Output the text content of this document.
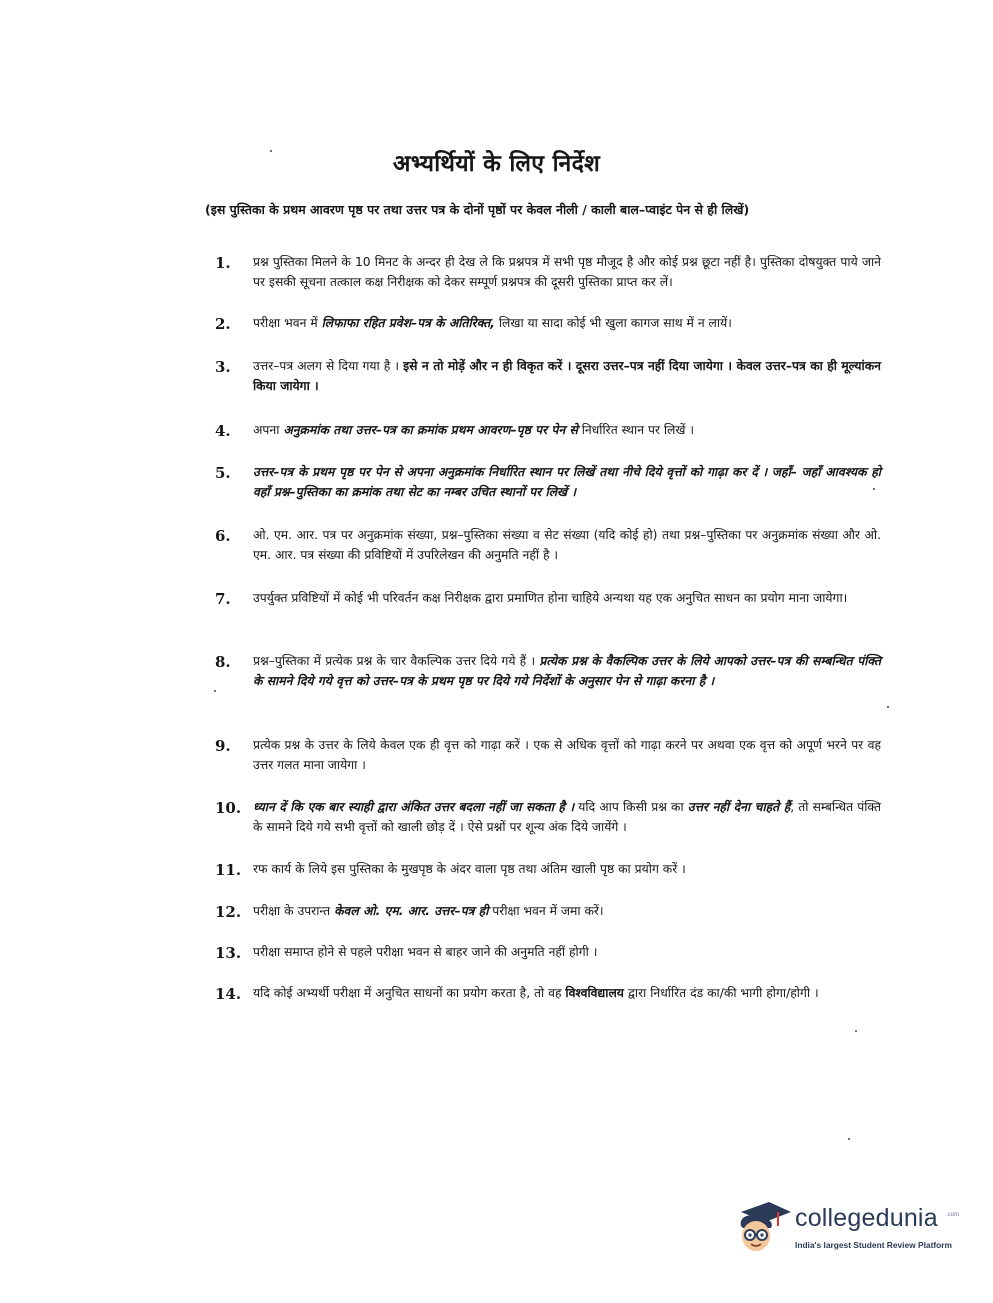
अभ्यर्थियों के लिए निर्देश
(इस पुस्तिका के प्रथम आवरण पृष्ठ पर तथा उत्तर पत्र के दोनों पृष्ठों पर केवल नीली / काली बाल–प्वाइंट पेन से ही लिखें)
1. प्रश्न पुस्तिका मिलने के 10 मिनट के अन्दर ही देख ले कि प्रश्नपत्र में सभी पृष्ठ मौजूद है और कोई प्रश्न छूटा नहीं है। पुस्तिका दोषयुक्त पाये जाने पर इसकी सूचना तत्काल कक्ष निरीक्षक को देकर सम्पूर्ण प्रश्नपत्र की दूसरी पुस्तिका प्राप्त कर लें।
2. परीक्षा भवन में लिफाफा रहित प्रवेश–पत्र के अतिरिक्त, लिखा या सादा कोई भी खुला कागज साथ में न लायें।
3. उत्तर–पत्र अलग से दिया गया है । इसे न तो मोड़ें और न ही विकृत करें । दूसरा उत्तर–पत्र नहीं दिया जायेगा । केवल उत्तर–पत्र का ही मूल्यांकन किया जायेगा ।
4. अपना अनुक्रमांक तथा उत्तर–पत्र का क्रमांक प्रथम आवरण–पृष्ठ पर पेन से निर्धारित स्थान पर लिखें ।
5. उत्तर–पत्र के प्रथम पृष्ठ पर पेन से अपना अनुक्रमांक निर्धारित स्थान पर लिखें तथा नीचे दिये वृत्तों को गाढ़ा कर दें । जहाँ– जहाँ आवश्यक हो वहाँ प्रश्न–पुस्तिका का क्रमांक तथा सेट का नम्बर उचित स्थानों पर लिखें ।
6. ओ. एम. आर. पत्र पर अनुक्रमांक संख्या, प्रश्न–पुस्तिका संख्या व सेट संख्या (यदि कोई हो) तथा प्रश्न–पुस्तिका पर अनुक्रमांक संख्या और ओ. एम. आर. पत्र संख्या की प्रविष्टियों में उपरिलेखन की अनुमति नहीं है ।
7. उपर्युक्त प्रविष्टियों में कोई भी परिवर्तन कक्ष निरीक्षक द्वारा प्रमाणित होना चाहिये अन्यथा यह एक अनुचित साधन का प्रयोग माना जायेगा।
8. प्रश्न–पुस्तिका में प्रत्येक प्रश्न के चार वैकल्पिक उत्तर दिये गये हैं । प्रत्येक प्रश्न के वैकल्पिक उत्तर के लिये आपको उत्तर–पत्र की सम्बन्धित पंक्ति के सामने दिये गये वृत्त को उत्तर–पत्र के प्रथम पृष्ठ पर दिये गये निर्देशों के अनुसार पेन से गाढ़ा करना है ।
9. प्रत्येक प्रश्न के उत्तर के लिये केवल एक ही वृत्त को गाढ़ा करें । एक से अधिक वृत्तों को गाढ़ा करने पर अथवा एक वृत्त को अपूर्ण भरने पर वह उत्तर गलत माना जायेगा ।
10. ध्यान दें कि एक बार स्याही द्वारा अंकित उत्तर बदला नहीं जा सकता है । यदि आप किसी प्रश्न का उत्तर नहीं देना चाहते हैं, तो सम्बन्धित पंक्ति के सामने दिये गये सभी वृत्तों को खाली छोड़ दें । ऐसे प्रश्नों पर शून्य अंक दिये जायेंगे ।
11. रफ कार्य के लिये इस पुस्तिका के मुखपृष्ठ के अंदर वाला पृष्ठ तथा अंतिम खाली पृष्ठ का प्रयोग करें ।
12. परीक्षा के उपरान्त केवल ओ. एम. आर. उत्तर–पत्र ही परीक्षा भवन में जमा करें।
13. परीक्षा समाप्त होने से पहले परीक्षा भवन से बाहर जाने की अनुमति नहीं होगी ।
14. यदि कोई अभ्यर्थी परीक्षा में अनुचित साधनों का प्रयोग करता है, तो वह विश्वविद्यालय द्वारा निर्धारित दंड का/की भागी होगा/होगी ।
collegedunia .com
India's largest Student Review Platform
